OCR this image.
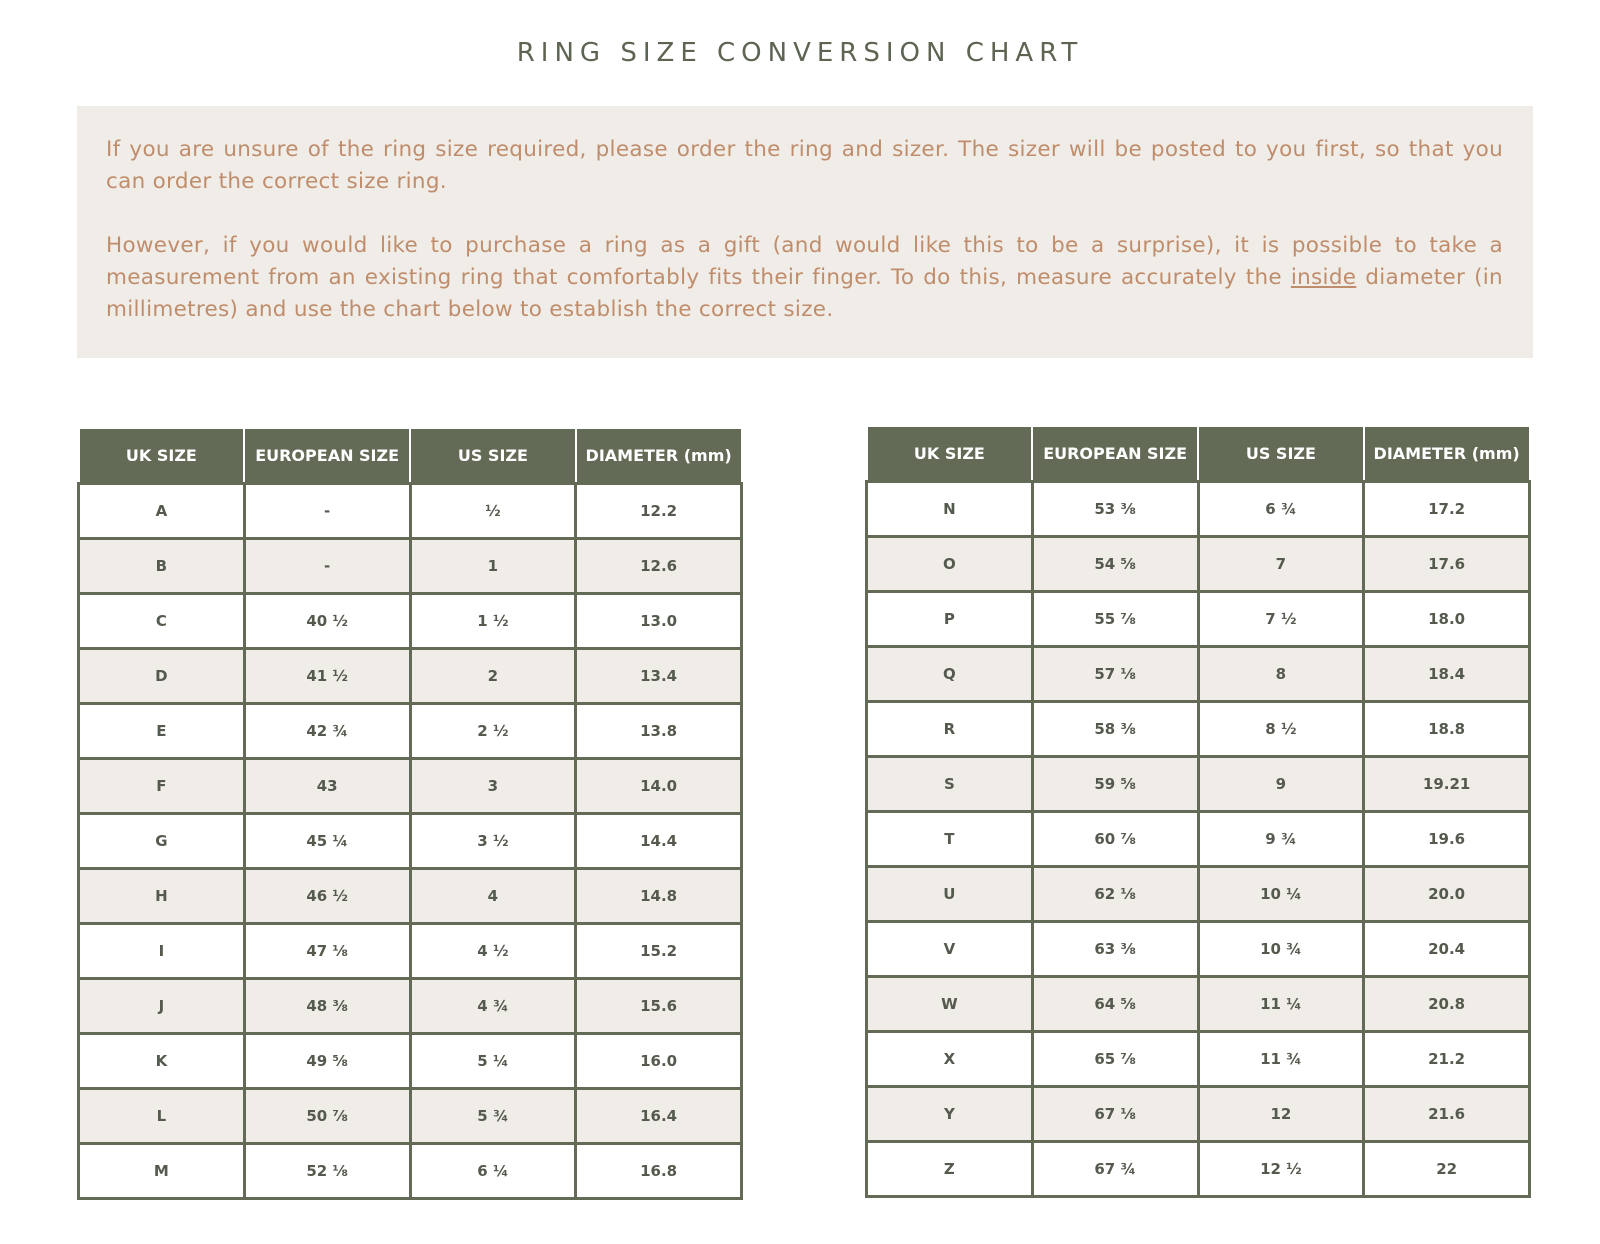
RING SIZE CONVERSION CHART

If you are unsure of the ring size required, please order the ring and sizer. The sizer will be posted to you first, so that you can order the correct size ring.

However, if you would like to purchase a ring as a gift (and would like this to be a surprise), it is possible to take a measurement from an existing ring that comfortably fits their finger. To do this, measure accurately the inside diameter (in millimetres) and use the chart below to establish the correct size.

UK SIZE	EUROPEAN SIZE	US SIZE	DIAMETER (mm)
A	-	½	12.2
B	-	1	12.6
C	40 ½	1 ½	13.0
D	41 ½	2	13.4
E	42 ¾	2 ½	13.8
F	43	3	14.0
G	45 ¼	3 ½	14.4
H	46 ½	4	14.8
I	47 ⅛	4 ½	15.2
J	48 ⅜	4 ¾	15.6
K	49 ⅝	5 ¼	16.0
L	50 ⅞	5 ¾	16.4
M	52 ⅛	6 ¼	16.8
UK SIZE	EUROPEAN SIZE	US SIZE	DIAMETER (mm)
N	53 ⅜	6 ¾	17.2
O	54 ⅝	7	17.6
P	55 ⅞	7 ½	18.0
Q	57 ⅛	8	18.4
R	58 ⅜	8 ½	18.8
S	59 ⅝	9	19.21
T	60 ⅞	9 ¾	19.6
U	62 ⅛	10 ¼	20.0
V	63 ⅜	10 ¾	20.4
W	64 ⅝	11 ¼	20.8
X	65 ⅞	11 ¾	21.2
Y	67 ⅛	12	21.6
Z	67 ¾	12 ½	22
